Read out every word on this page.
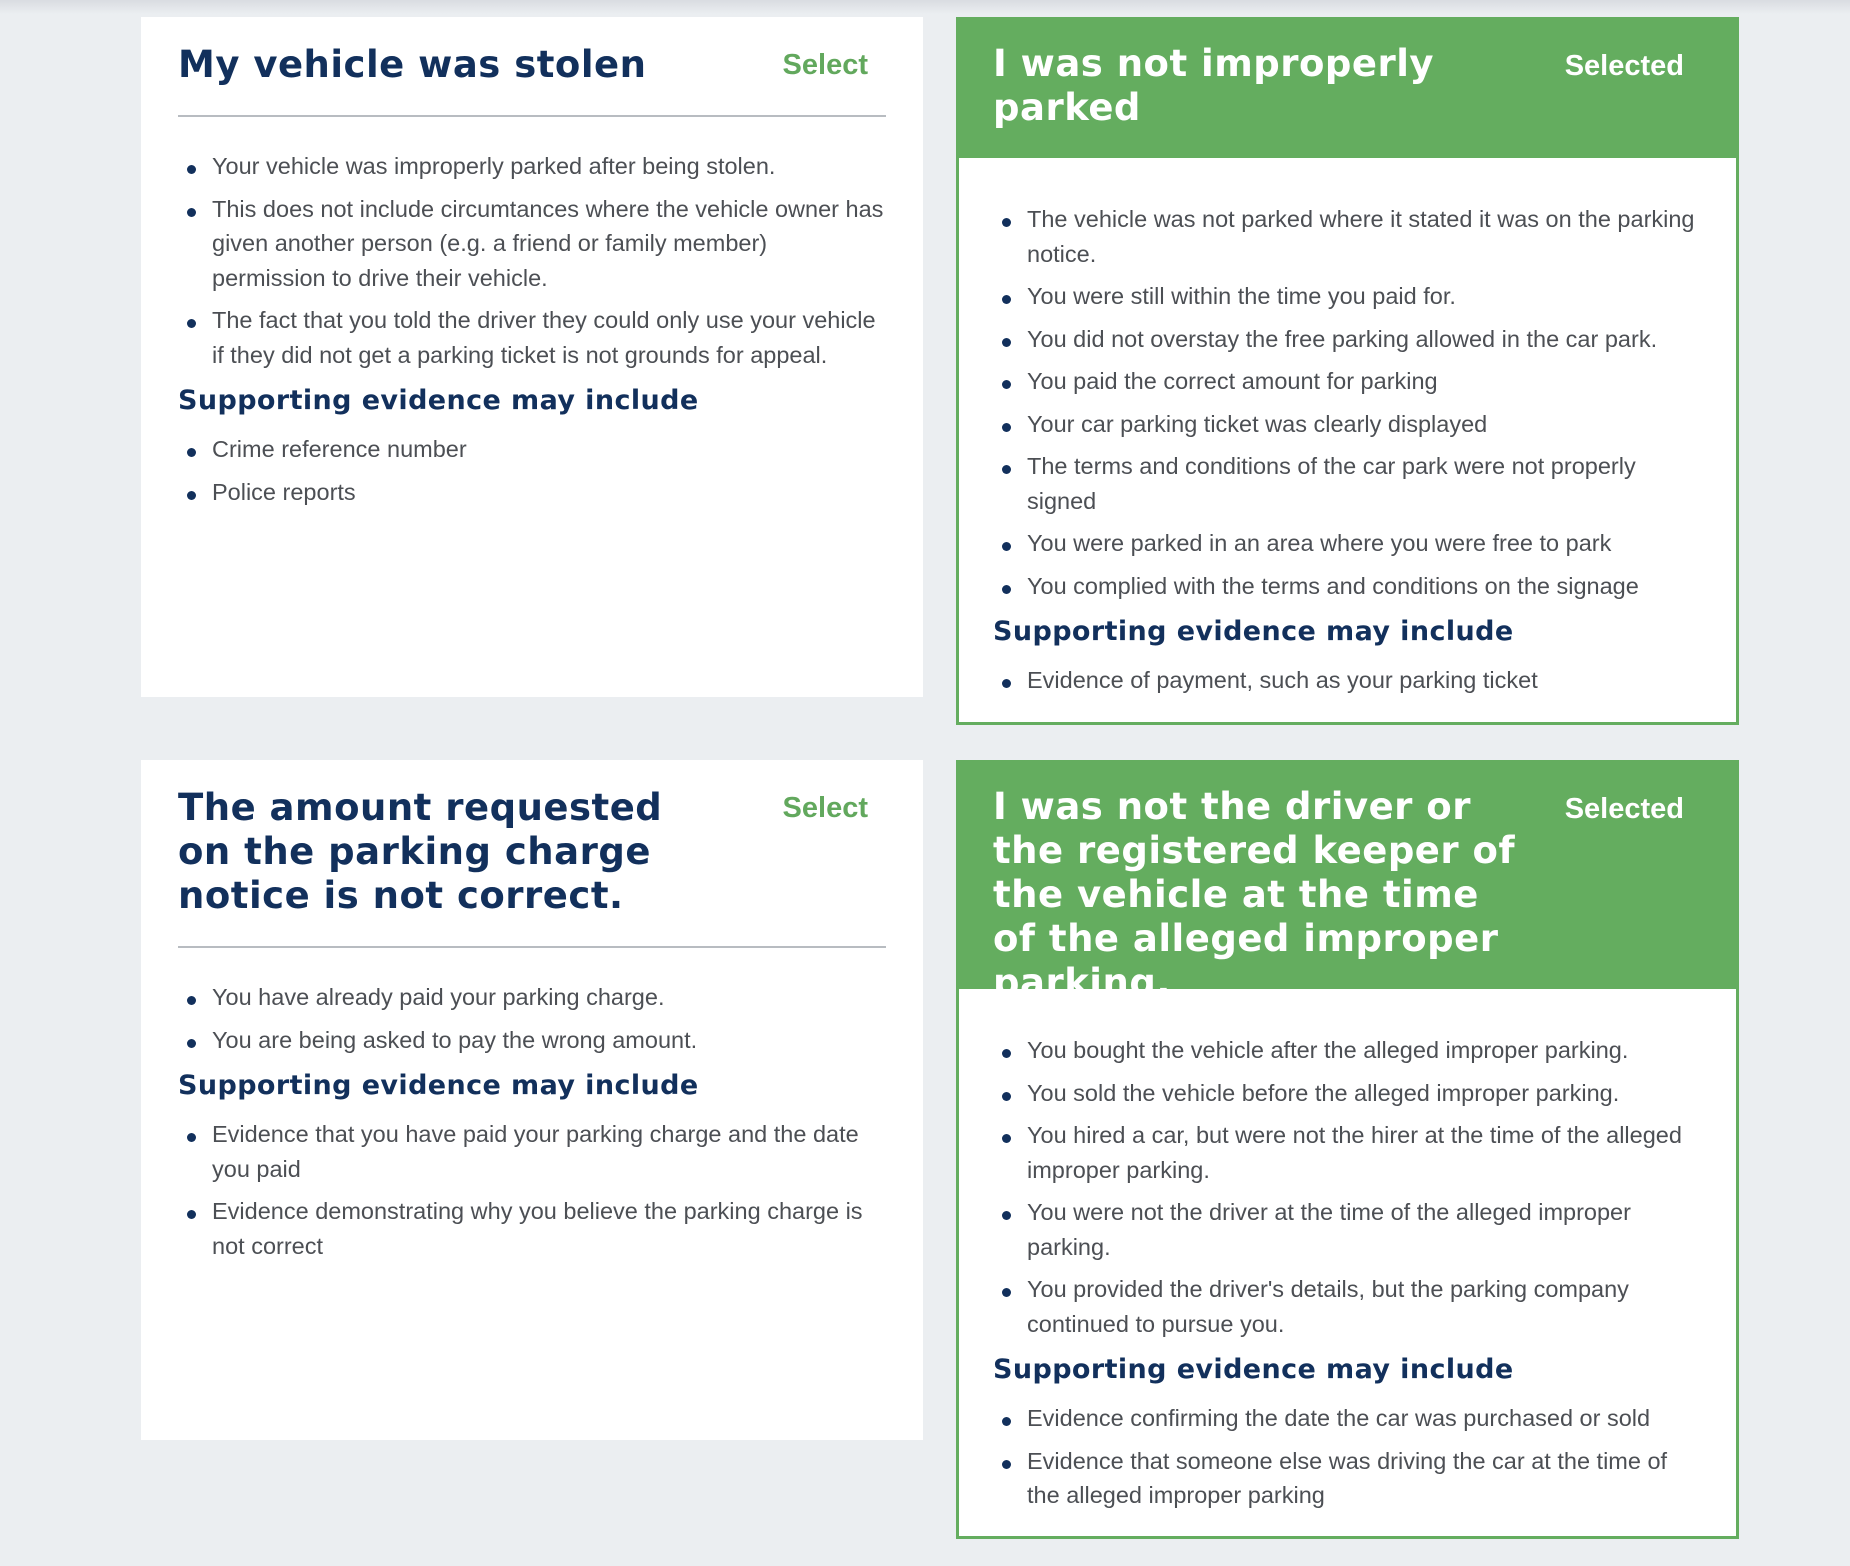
My vehicle was stolen	Select
Your vehicle was improperly parked after being stolen.
This does not include circumtances where the vehicle owner has given another person (e.g. a friend or family member) permission to drive their vehicle.
The fact that you told the driver they could only use your vehicle if they did not get a parking ticket is not grounds for appeal.
Supporting evidence may include
Crime reference number
Police reports
I was not improperly parked
Selected
The vehicle was not parked where it stated it was on the parking notice.
You were still within the time you paid for.
You did not overstay the free parking allowed in the car park.
You paid the correct amount for parking
Your car parking ticket was clearly displayed
The terms and conditions of the car park were not properly signed
You were parked in an area where you were free to park
You complied with the terms and conditions on the signage
Supporting evidence may include
Evidence of payment, such as your parking ticket
The amount requested on the parking charge notice is not correct.
Select
You have already paid your parking charge.
You are being asked to pay the wrong amount.
Supporting evidence may include
Evidence that you have paid your parking charge and the date you paid
Evidence demonstrating why you believe the parking charge is not correct
I was not the driver or the registered keeper of the vehicle at the time of the alleged improper parking.
Selected
You bought the vehicle after the alleged improper parking.
You sold the vehicle before the alleged improper parking.
You hired a car, but were not the hirer at the time of the alleged improper parking.
You were not the driver at the time of the alleged improper parking.
You provided the driver's details, but the parking company continued to pursue you.
Supporting evidence may include
Evidence confirming the date the car was purchased or sold
Evidence that someone else was driving the car at the time of the alleged improper parking
